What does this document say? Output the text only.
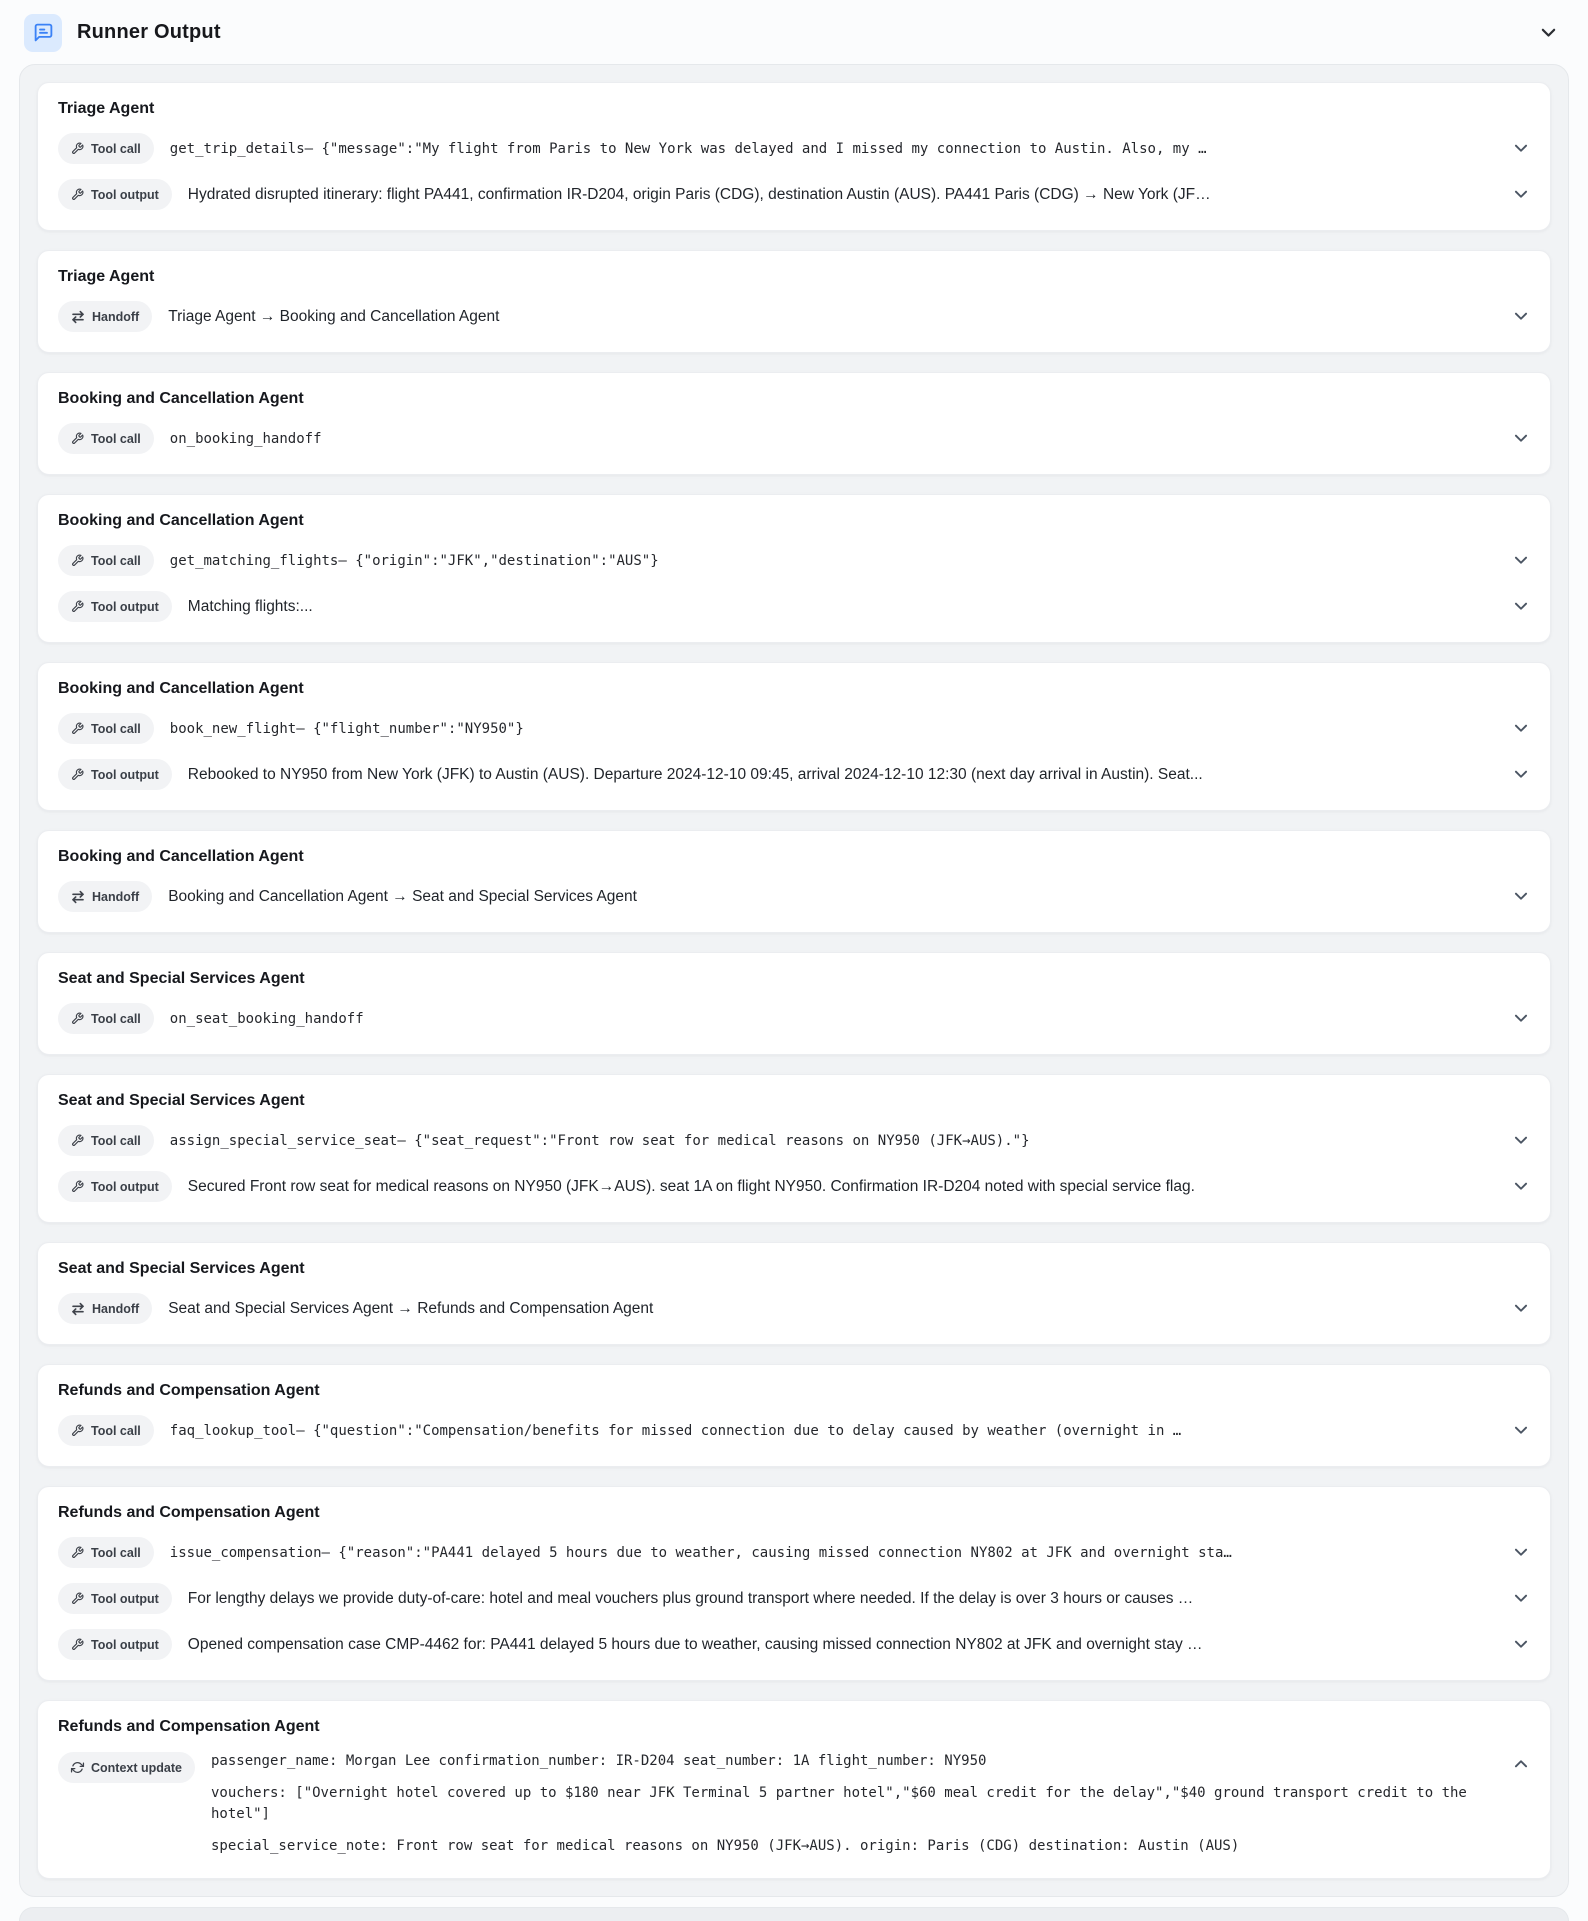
Runner Output
Triage Agent
Tool call get_trip_details– {"message":"My flight from Paris to New York was delayed and I missed my connection to Austin. Also, my …
Tool output Hydrated disrupted itinerary: flight PA441, confirmation IR-D204, origin Paris (CDG), destination Austin (AUS). PA441 Paris (CDG) → New York (JF…
Triage Agent
Handoff Triage Agent → Booking and Cancellation Agent
Booking and Cancellation Agent
Tool call on_booking_handoff
Booking and Cancellation Agent
Tool call get_matching_flights– {"origin":"JFK","destination":"AUS"}
Tool output Matching flights:...
Booking and Cancellation Agent
Tool call book_new_flight– {"flight_number":"NY950"}
Tool output Rebooked to NY950 from New York (JFK) to Austin (AUS). Departure 2024-12-10 09:45, arrival 2024-12-10 12:30 (next day arrival in Austin). Seat...
Booking and Cancellation Agent
Handoff Booking and Cancellation Agent → Seat and Special Services Agent
Seat and Special Services Agent
Tool call on_seat_booking_handoff
Seat and Special Services Agent
Tool call assign_special_service_seat– {"seat_request":"Front row seat for medical reasons on NY950 (JFK→AUS)."}
Tool output Secured Front row seat for medical reasons on NY950 (JFK→AUS). seat 1A on flight NY950. Confirmation IR-D204 noted with special service flag.
Seat and Special Services Agent
Handoff Seat and Special Services Agent → Refunds and Compensation Agent
Refunds and Compensation Agent
Tool call faq_lookup_tool– {"question":"Compensation/benefits for missed connection due to delay caused by weather (overnight in …
Refunds and Compensation Agent
Tool call issue_compensation– {"reason":"PA441 delayed 5 hours due to weather, causing missed connection NY802 at JFK and overnight sta…
Tool output For lengthy delays we provide duty-of-care: hotel and meal vouchers plus ground transport where needed. If the delay is over 3 hours or causes …
Tool output Opened compensation case CMP-4462 for: PA441 delayed 5 hours due to weather, causing missed connection NY802 at JFK and overnight stay …
Refunds and Compensation Agent
Context update passenger_name: Morgan Lee confirmation_number: IR-D204 seat_number: 1A flight_number: NY950
vouchers: ["Overnight hotel covered up to $180 near JFK Terminal 5 partner hotel","$60 meal credit for the delay","$40 ground transport credit to the hotel"]
special_service_note: Front row seat for medical reasons on NY950 (JFK→AUS). origin: Paris (CDG) destination: Austin (AUS)
